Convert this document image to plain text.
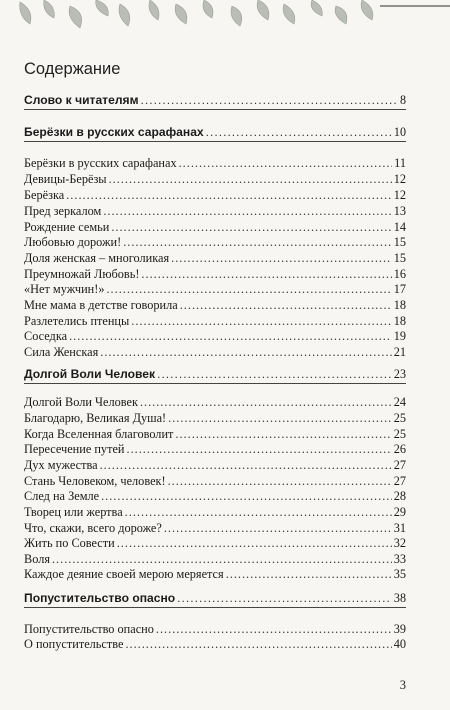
Содержание
Слово к читателям .....	8
Берёзки в русских сарафанах .....	10
Берёзки в русских сарафанах .....	11
Девицы-Берёзы .....	12
Берёзка .....	12
Пред зеркалом .....	13
Рождение семьи .....	14
Любовью дорожи! .....	15
Доля женская – многоликая .....	15
Преумножай Любовь! .....	16
«Нет мужчин!» .....	17
Мне мама в детстве говорила .....	18
Разлетелись птенцы .....	18
Соседка .....	19
Сила Женская .....	21
Долгой Воли Человек .....	23
Долгой Воли Человек .....	24
Благодарю, Великая Душа! .....	25
Когда Вселенная благоволит .....	25
Пересечение путей .....	26
Дух мужества .....	27
Стань Человеком, человек! .....	27
След на Земле .....	28
Творец или жертва .....	29
Что, скажи, всего дороже? .....	31
Жить по Совести .....	32
Воля .....	33
Каждое деяние своей мерою меряется .....	35
Попустительство опасно .....	38
Попустительство опасно .....	39
О попустительстве .....	40
3
